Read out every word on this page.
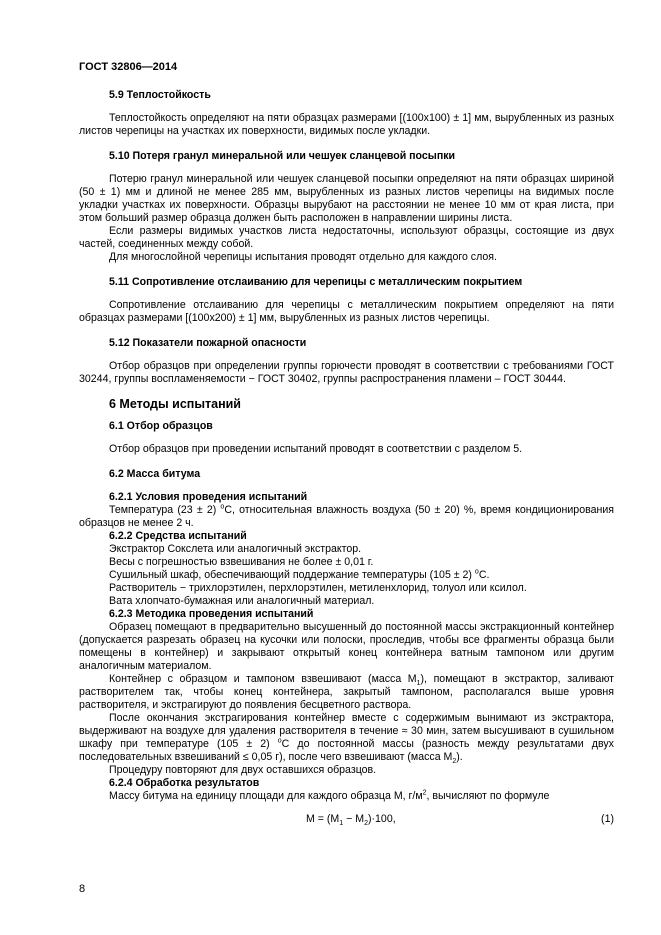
ГОСТ 32806—2014
5.9 Теплостойкость

Теплостойкость определяют на пяти образцах размерами [(100x100) ± 1] мм, вырубленных из разных листов черепицы на участках их поверхности, видимых после укладки.

5.10 Потеря гранул минеральной или чешуек сланцевой посыпки

Потерю гранул минеральной или чешуек сланцевой посыпки определяют на пяти образцах шириной (50 ± 1) мм и длиной не менее 285 мм, вырубленных из разных листов черепицы на видимых после укладки участках их поверхности. Образцы вырубают на расстоянии не менее 10 мм от края листа, при этом больший размер образца должен быть расположен в направлении ширины листа.

Если размеры видимых участков листа недостаточны, используют образцы, состоящие из двух частей, соединенных между собой.

Для многослойной черепицы испытания проводят отдельно для каждого слоя.

5.11 Сопротивление отслаиванию для черепицы с металлическим покрытием

Сопротивление отслаиванию для черепицы с металлическим покрытием определяют на пяти образцах размерами [(100x200) ± 1] мм, вырубленных из разных листов черепицы.

5.12 Показатели пожарной опасности

Отбор образцов при определении группы горючести проводят в соответствии с требованиями ГОСТ 30244, группы воспламеняемости − ГОСТ 30402, группы распространения пламени – ГОСТ 30444.

6 Методы испытаний
6.1 Отбор образцов

Отбор образцов при проведении испытаний проводят в соответствии с разделом 5.

6.2 Масса битума
6.2.1 Условия проведения испытаний

Температура (23 ± 2) $^o$С, относительная влажность воздуха (50 ± 20) %, время кондиционирования образцов не менее 2 ч.

6.2.2 Средства испытаний

Экстрактор Сокслета или аналогичный экстрактор.

Весы с погрешностью взвешивания не более ± 0,01 г.

Сушильный шкаф, обеспечивающий поддержание температуры (105 ± 2) $^o$С.

Растворитель − трихлорэтилен, перхлорэтилен, метиленхлорид, толуол или ксилол.

Вата хлопчато-бумажная или аналогичный материал.

6.2.3 Методика проведения испытаний

Образец помещают в предварительно высушенный до постоянной массы экстракционный контейнер (допускается разрезать образец на кусочки или полоски, проследив, чтобы все фрагменты образца были помещены в контейнер) и закрывают открытый конец контейнера ватным тампоном или другим аналогичным материалом.

Контейнер с образцом и тампоном взвешивают (масса $М_1$), помещают в экстрактор, заливают растворителем так, чтобы конец контейнера, закрытый тампоном, располагался выше уровня растворителя, и экстрагируют до появления бесцветного раствора.

После окончания экстрагирования контейнер вместе с содержимым вынимают из экстрактора, выдерживают на воздухе для удаления растворителя в течение ≈ 30 мин, затем высушивают в сушильном шкафу при температуре (105 ± 2) $^o$С до постоянной массы (разность между результатами двух последовательных взвешиваний ≤ 0,05 г), после чего взвешивают (масса $М_2$).

Процедуру повторяют для двух оставшихся образцов.

6.2.4 Обработка результатов

Массу битума на единицу площади для каждого образца М, $г/м^2$, вычисляют по формуле

$М = (М_1 - М_2)\cdot 100$,	(1)
8
